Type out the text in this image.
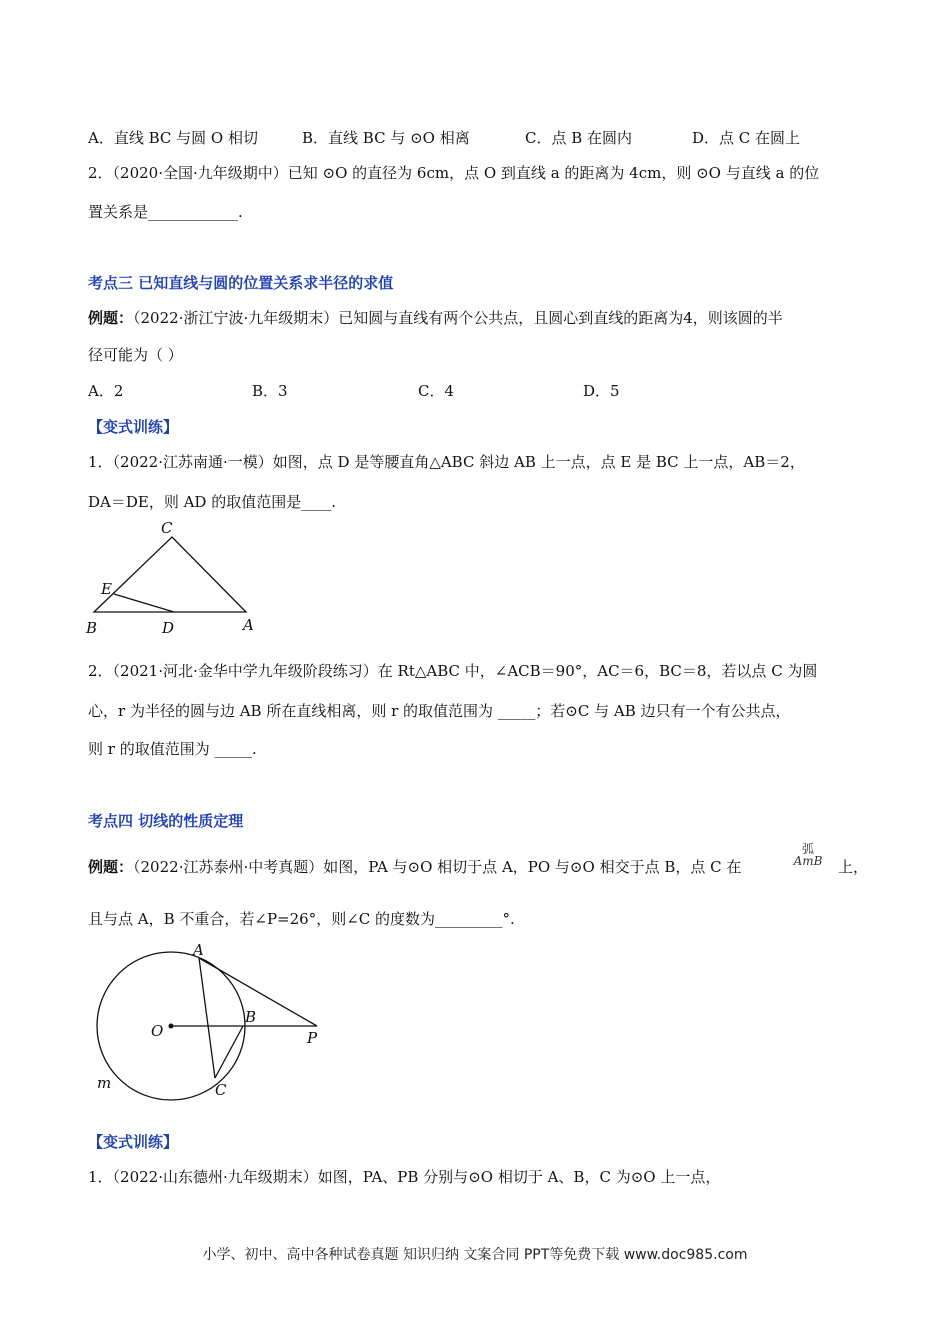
A．直线 BC 与圆 O 相切	B．直线 BC 与 ⊙O 相离	C．点 B 在圆内	D．点 C 在圆上
2．（2020·全国·九年级期中）已知 ⊙O 的直径为 6cm，点 O 到直线 a 的距离为 4cm，则 ⊙O 与直线 a 的位
置关系是____________.
考点三 已知直线与圆的位置关系求半径的求值
例题：（2022·浙江宁波·九年级期末）已知圆与直线有两个公共点，且圆心到直线的距离为4，则该圆的半
径可能为（ ）
A．2	B．3	C．4	D．5
【变式训练】
1．（2022·江苏南通·一模）如图，点 D 是等腰直角△ABC 斜边 AB 上一点，点 E 是 BC 上一点，AB＝2，
DA＝DE，则 AD 的取值范围是____.
C
E
B	D	A
2．（2021·河北·金华中学九年级阶段练习）在 Rt△ABC 中，∠ACB＝90°，AC＝6，BC＝8，若以点 C 为圆
心，r 为半径的圆与边 AB 所在直线相离，则 r 的取值范围为 _____；若⊙C 与 AB 边只有一个有公共点，
则 r 的取值范围为 _____.
考点四 切线的性质定理
例题：（2022·江苏泰州·中考真题）如图，PA 与⊙O 相切于点 A，PO 与⊙O 相交于点 B，点 C 在
弧
AmB 上，
且与点 A，B 不重合，若∠P=26°，则∠C 的度数为_________°.
A
O
B
P
m	C
【变式训练】
1．（2022·山东德州·九年级期末）如图，PA、PB 分别与⊙O 相切于 A、B，C 为⊙O 上一点，
小学、初中、高中各种试卷真题 知识归纳 文案合同 PPT等免费下载 www.doc985.com
